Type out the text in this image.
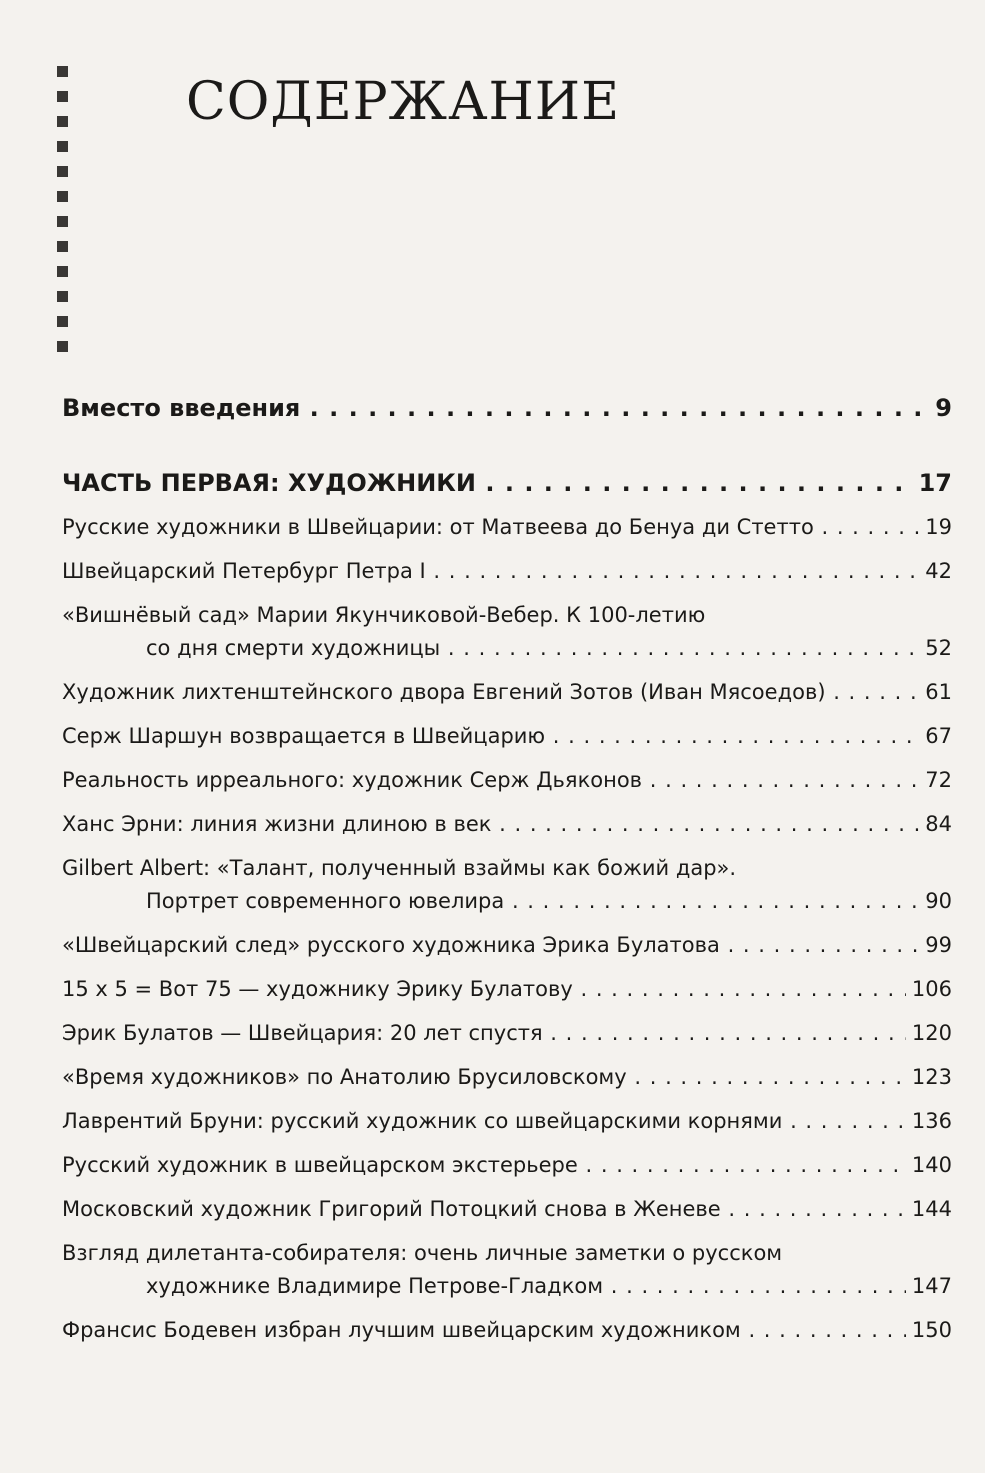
СОДЕРЖАНИЕ
Вместо введения . . .	9
ЧАСТЬ ПЕРВАЯ: ХУДОЖНИКИ . . .	17
Русские художники в Швейцарии: от Матвеева до Бенуа ди Стетто . . .	19
Швейцарский Петербург Петра I . . .	42
«Вишнёвый сад» Марии Якунчиковой-Вебер. К 100-летию
со дня смерти художницы . . .	52
Художник лихтенштейнского двора Евгений Зотов (Иван Мясоедов) . . .	61
Серж Шаршун возвращается в Швейцарию . . .	67
Реальность ирреального: художник Серж Дьяконов . . .	72
Ханс Эрни: линия жизни длиною в век . . .	84
Gilbert Albert: «Талант, полученный взаймы как божий дар».
Портрет современного ювелира . . .	90
«Швейцарский след» русского художника Эрика Булатова . . .	99
15 x 5 = Вот 75 — художнику Эрику Булатову . . .	106
Эрик Булатов — Швейцария: 20 лет спустя . . .	120
«Время художников» по Анатолию Брусиловскому . . .	123
Лаврентий Бруни: русский художник со швейцарскими корнями . . .	136
Русский художник в швейцарском экстерьере . . .	140
Московский художник Григорий Потоцкий снова в Женеве . . .	144
Взгляд дилетанта-собирателя: очень личные заметки о русском
художнике Владимире Петрове-Гладком . . .	147
Франсис Бодевен избран лучшим швейцарским художником . . .	150
